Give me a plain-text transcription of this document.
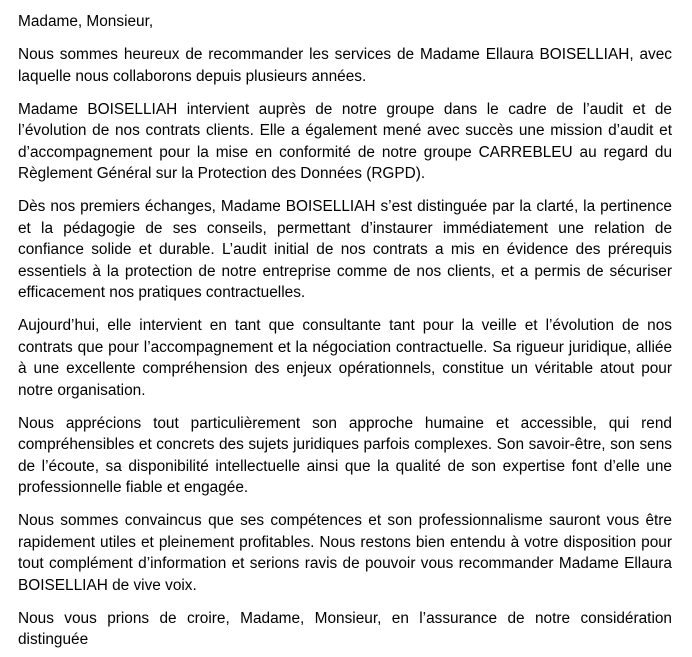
Madame, Monsieur,

Nous sommes heureux de recommander les services de Madame Ellaura BOISELLIAH, avec laquelle nous collaborons depuis plusieurs années.

Madame BOISELLIAH intervient auprès de notre groupe dans le cadre de l’audit et de l’évolution de nos contrats clients. Elle a également mené avec succès une mission d’audit et d’accompagnement pour la mise en conformité de notre groupe CARREBLEU au regard du Règlement Général sur la Protection des Données (RGPD).

Dès nos premiers échanges, Madame BOISELLIAH s’est distinguée par la clarté, la pertinence et la pédagogie de ses conseils, permettant d’instaurer immédiatement une relation de confiance solide et durable. L’audit initial de nos contrats a mis en évidence des prérequis essentiels à la protection de notre entreprise comme de nos clients, et a permis de sécuriser efficacement nos pratiques contractuelles.

Aujourd’hui, elle intervient en tant que consultante tant pour la veille et l’évolution de nos contrats que pour l’accompagnement et la négociation contractuelle. Sa rigueur juridique, alliée à une excellente compréhension des enjeux opérationnels, constitue un véritable atout pour notre organisation.

Nous apprécions tout particulièrement son approche humaine et accessible, qui rend compréhensibles et concrets des sujets juridiques parfois complexes. Son savoir-être, son sens de l’écoute, sa disponibilité intellectuelle ainsi que la qualité de son expertise font d’elle une professionnelle fiable et engagée.

Nous sommes convaincus que ses compétences et son professionnalisme sauront vous être rapidement utiles et pleinement profitables. Nous restons bien entendu à votre disposition pour tout complément d’information et serions ravis de pouvoir vous recommander Madame Ellaura BOISELLIAH de vive voix.

Nous vous prions de croire, Madame, Monsieur, en l’assurance de notre considération distinguée
